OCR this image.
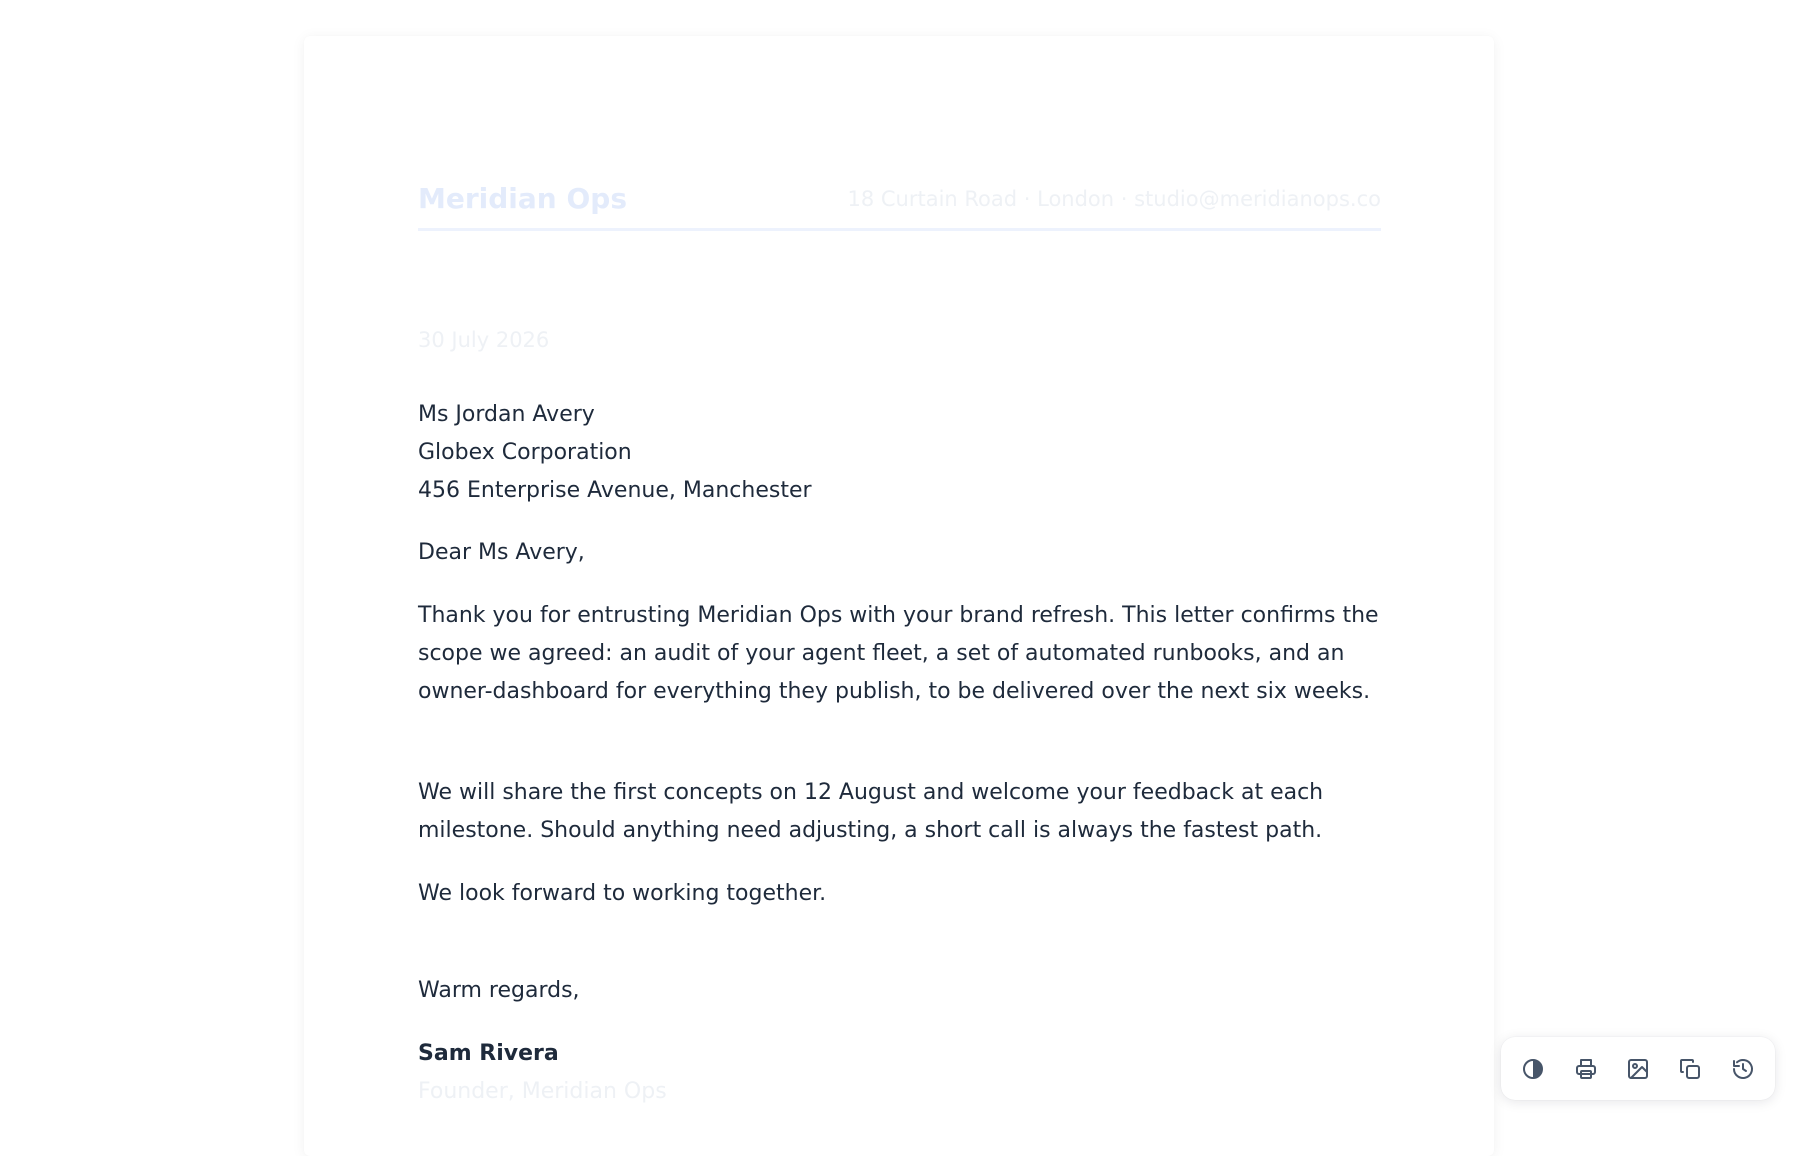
Meridian Ops	18 Curtain Road · London · studio@meridianops.co
30 July 2026
Ms Jordan Avery
Globex Corporation
456 Enterprise Avenue, Manchester
Dear Ms Avery,

Thank you for entrusting Meridian Ops with your brand refresh. This letter confirms the scope we agreed: an audit of your agent fleet, a set of automated runbooks, and an owner-dashboard for everything they publish, to be delivered over the next six weeks.

We will share the first concepts on 12 August and welcome your feedback at each milestone. Should anything need adjusting, a short call is always the fastest path.

We look forward to working together.

Warm regards,
Sam Rivera
Founder, Meridian Ops
